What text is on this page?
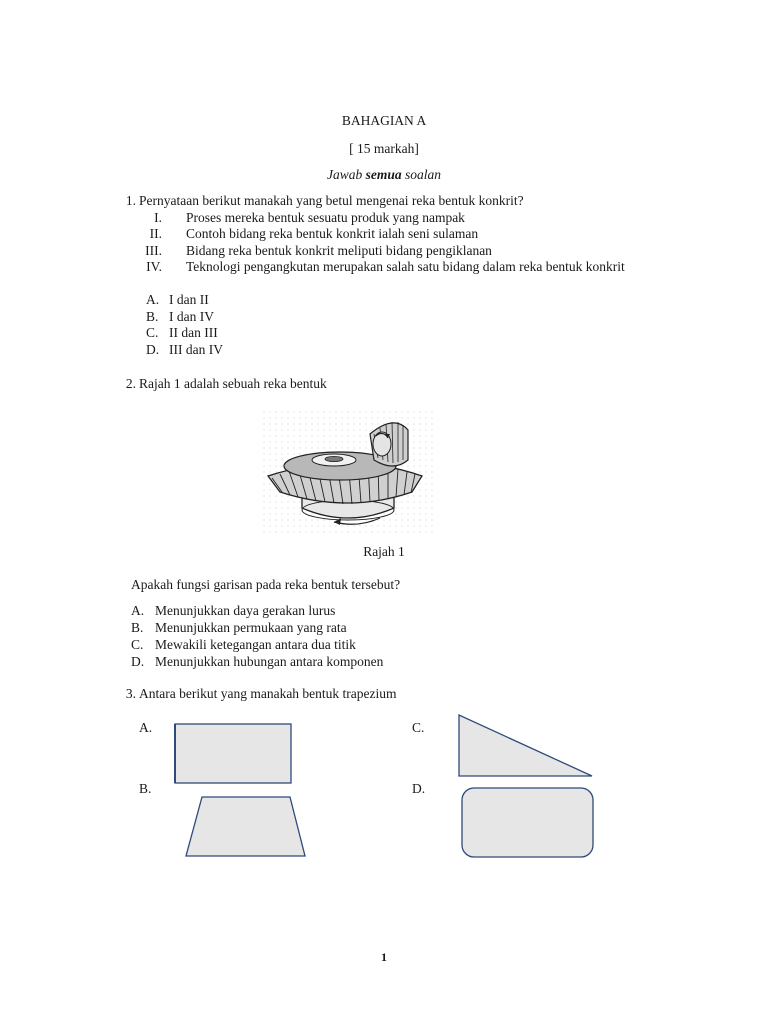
BAHAGIAN A
[ 15 markah]
Jawab semua soalan
1. Pernyataan berikut manakah yang betul mengenai reka bentuk konkrit?
I. Proses mereka bentuk sesuatu produk yang nampak
II. Contoh bidang reka bentuk konkrit ialah seni sulaman
III. Bidang reka bentuk konkrit meliputi bidang pengiklanan
IV. Teknologi pengangkutan merupakan salah satu bidang dalam reka bentuk konkrit
A. I dan II
B. I dan IV
C. II dan III
D. III dan IV
2. Rajah 1 adalah sebuah reka bentuk
Rajah 1
Apakah fungsi garisan pada reka bentuk tersebut?
A. Menunjukkan daya gerakan lurus
B. Menunjukkan permukaan yang rata
C. Mewakili ketegangan antara dua titik
D. Menunjukkan hubungan antara komponen
3. Antara berikut yang manakah bentuk trapezium
A.
B.
C.
D.
1
